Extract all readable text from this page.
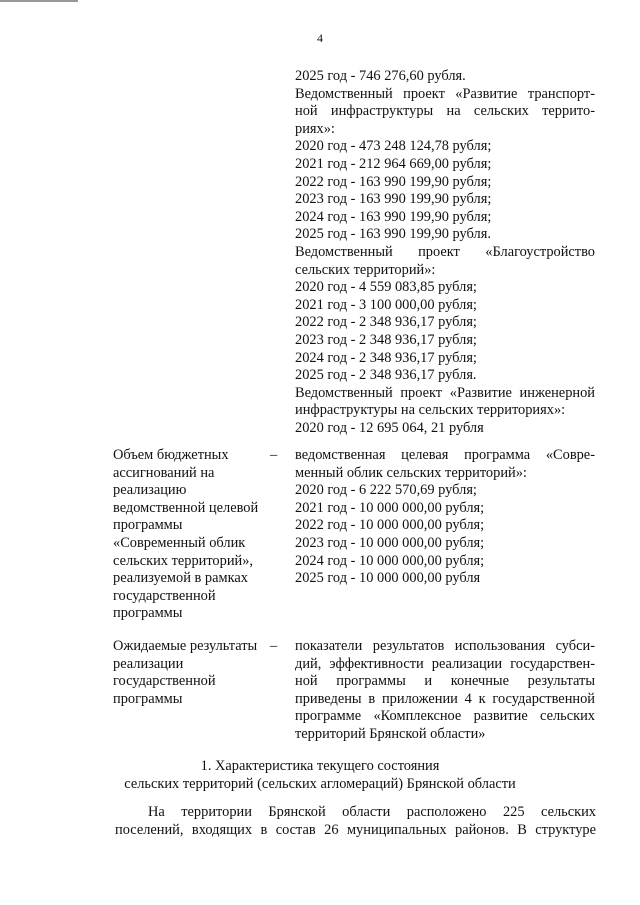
4
2025 год - 746 276,60 рубля.
Ведомственный проект «Развитие транспорт-
ной инфраструктуры на сельских террито-
риях»:
2020 год - 473 248 124,78 рубля;
2021 год - 212 964 669,00 рубля;
2022 год - 163 990 199,90 рубля;
2023 год - 163 990 199,90 рубля;
2024 год - 163 990 199,90 рубля;
2025 год - 163 990 199,90 рубля.
Ведомственный проект «Благоустройство
сельских территорий»:
2020 год - 4 559 083,85 рубля;
2021 год - 3 100 000,00 рубля;
2022 год - 2 348 936,17 рубля;
2023 год - 2 348 936,17 рубля;
2024 год - 2 348 936,17 рубля;
2025 год - 2 348 936,17 рубля.
Ведомственный проект «Развитие инженерной
инфраструктуры на сельских территориях»:
2020 год - 12 695 064, 21 рубля
Объем бюджетных
ассигнований на
реализацию
ведомственной целевой
программы
«Современный облик
сельских территорий»,
реализуемой в рамках
государственной
программы
– ведомственная целевая программа «Совре-
менный облик сельских территорий»:
2020 год - 6 222 570,69 рубля;
2021 год - 10 000 000,00 рубля;
2022 год - 10 000 000,00 рубля;
2023 год - 10 000 000,00 рубля;
2024 год - 10 000 000,00 рубля;
2025 год - 10 000 000,00 рубля
Ожидаемые результаты
реализации
государственной
программы
– показатели результатов использования субси-
дий, эффективности реализации государствен-
ной программы и конечные результаты
приведены в приложении 4 к государственной
программе «Комплексное развитие сельских
территорий Брянской области»
1. Характеристика текущего состояния
сельских территорий (сельских агломераций) Брянской области
На территории Брянской области расположено 225 сельских
поселений, входящих в состав 26 муниципальных районов. В структуре
